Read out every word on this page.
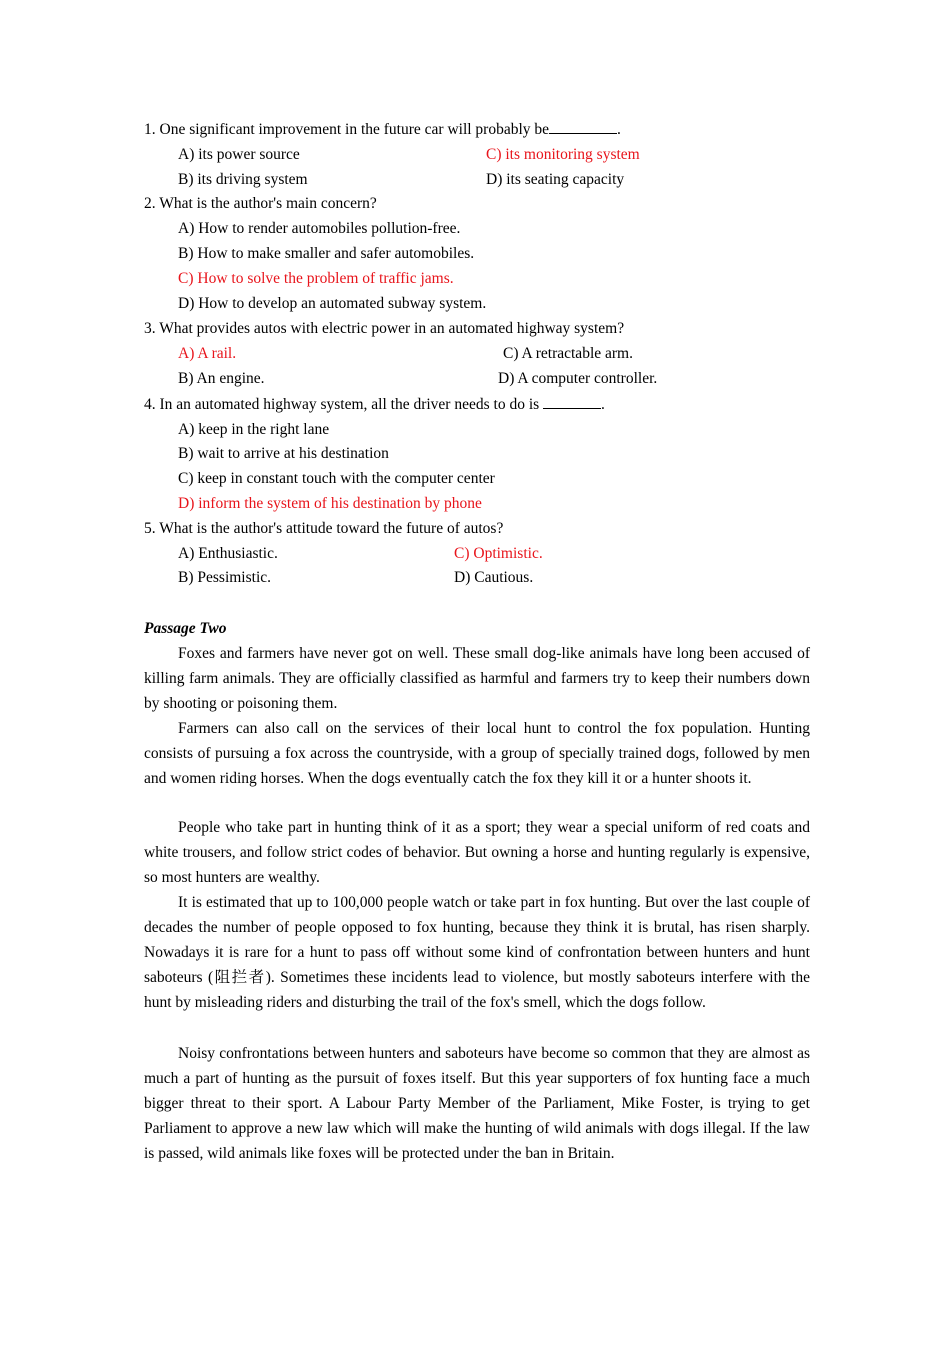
1. One significant improvement in the future car will probably be	.
A) its power source	C) its monitoring system
B) its driving system	D) its seating capacity
2. What is the author's main concern?
A) How to render automobiles pollution-free.
B) How to make smaller and safer automobiles.
C) How to solve the problem of traffic jams.
D) How to develop an automated subway system.
3. What provides autos with electric power in an automated highway system?
A) A rail.	C) A retractable arm.
B) An engine.	D) A computer controller.
4. In an automated highway system, all the driver needs to do is	.
A) keep in the right lane
B) wait to arrive at his destination
C) keep in constant touch with the computer center
D) inform the system of his destination by phone
5. What is the author's attitude toward the future of autos?
A) Enthusiastic.	C) Optimistic.
B) Pessimistic.	D) Cautious.
Passage Two
Foxes and farmers have never got on well. These small dog-like animals have long been accused of killing farm animals. They are officially classified as harmful and farmers try to keep their numbers down by shooting or poisoning them.
Farmers can also call on the services of their local hunt to control the fox population. Hunting consists of pursuing a fox across the countryside, with a group of specially trained dogs, followed by men and women riding horses. When the dogs eventually catch the fox they kill it or a hunter shoots it.
People who take part in hunting think of it as a sport; they wear a special uniform of red coats and white trousers, and follow strict codes of behavior. But owning a horse and hunting regularly is expensive, so most hunters are wealthy.
It is estimated that up to 100,000 people watch or take part in fox hunting. But over the last couple of decades the number of people opposed to fox hunting, because they think it is brutal, has risen sharply. Nowadays it is rare for a hunt to pass off without some kind of confrontation between hunters and hunt saboteurs (阻拦者). Sometimes these incidents lead to violence, but mostly saboteurs interfere with the hunt by misleading riders and disturbing the trail of the fox's smell, which the dogs follow.
Noisy confrontations between hunters and saboteurs have become so common that they are almost as much a part of hunting as the pursuit of foxes itself. But this year supporters of fox hunting face a much bigger threat to their sport. A Labour Party Member of the Parliament, Mike Foster, is trying to get Parliament to approve a new law which will make the hunting of wild animals with dogs illegal. If the law is passed, wild animals like foxes will be protected under the ban in Britain.
